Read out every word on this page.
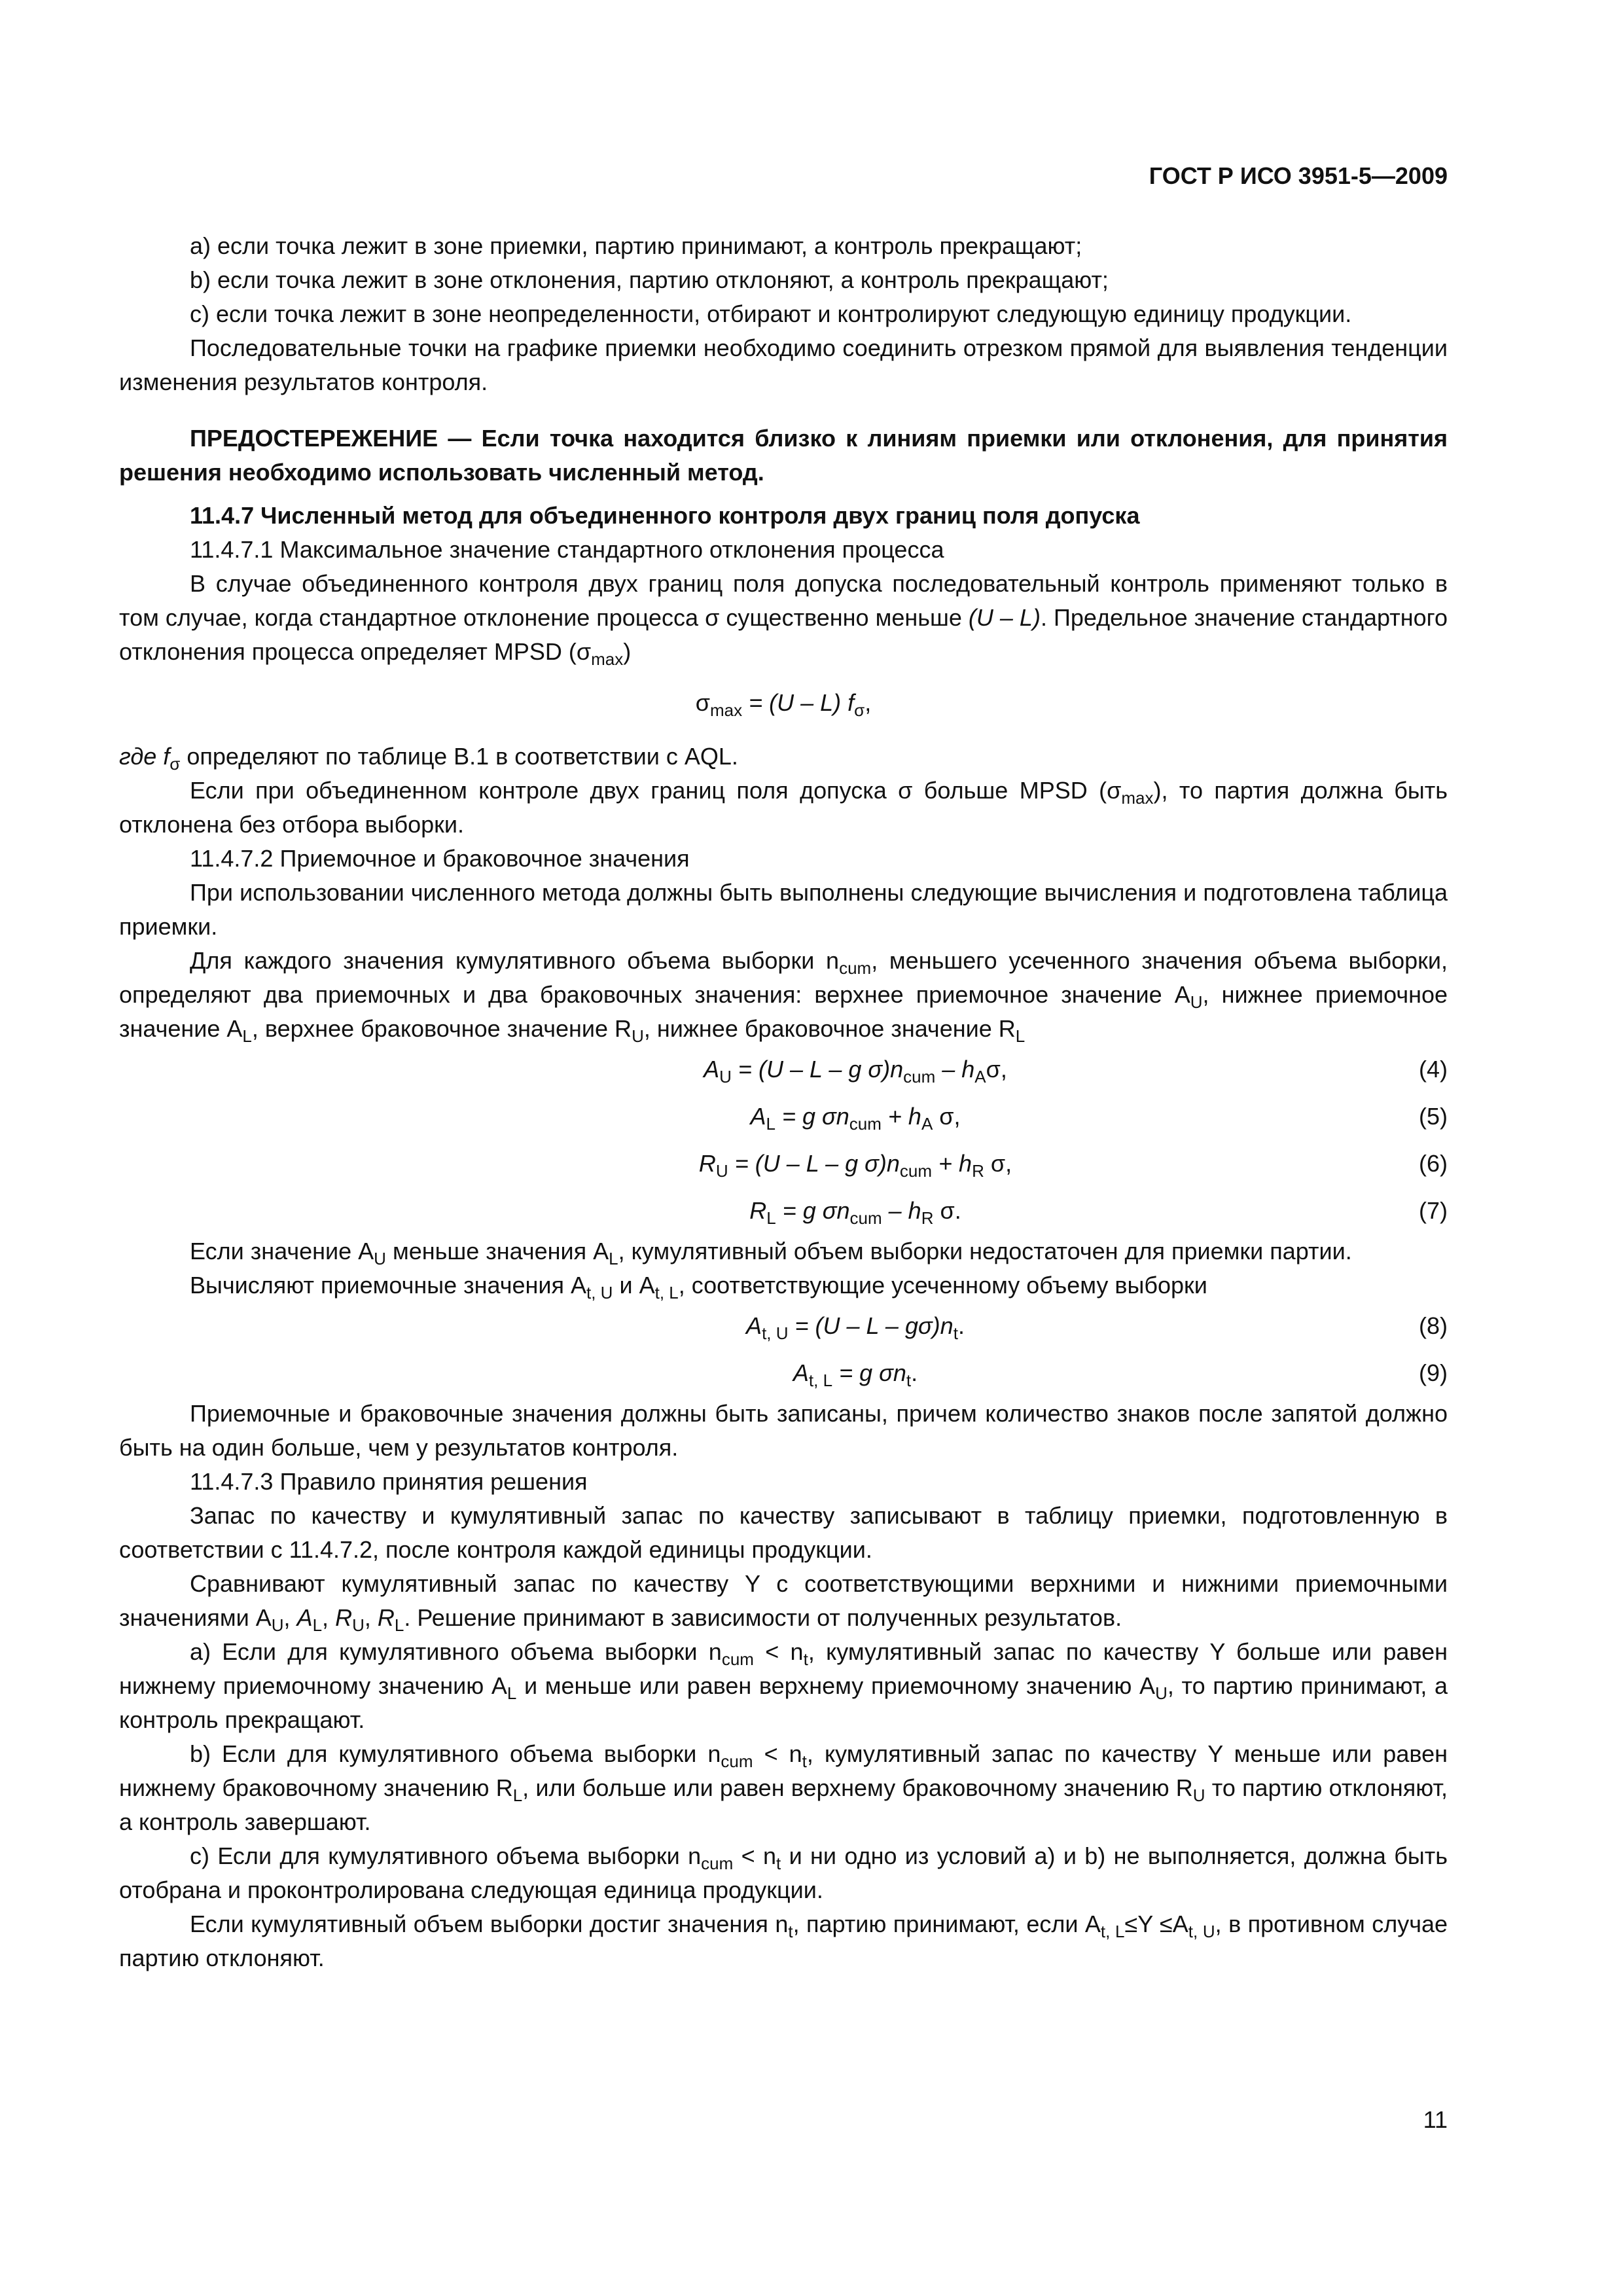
ГОСТ Р ИСО 3951-5—2009

а) если точка лежит в зоне приемки, партию принимают, а контроль прекращают;

b) если точка лежит в зоне отклонения, партию отклоняют, а контроль прекращают;

с) если точка лежит в зоне неопределенности, отбирают и контролируют следующую единицу продукции.

Последовательные точки на графике приемки необходимо соединить отрезком прямой для выявления тенденции изменения результатов контроля.

ПРЕДОСТЕРЕЖЕНИЕ — Если точка находится близко к линиям приемки или отклонения, для принятия решения необходимо использовать численный метод.

11.4.7 Численный метод для объединенного контроля двух границ поля допуска

11.4.7.1 Максимальное значение стандартного отклонения процесса

В случае объединенного контроля двух границ поля допуска последовательный контроль применяют только в том случае, когда стандартное отклонение процесса σ существенно меньше (U – L). Предельное значение стандартного отклонения процесса определяет MPSD $(\sigma_{max})$

$\sigma_{max} = (U - L)$ $f_\sigma$,

где $f_\sigma$ определяют по таблице В.1 в соответствии с AQL.

Если при объединенном контроле двух границ поля допуска σ больше MPSD $(\sigma_{max})$, то партия должна быть отклонена без отбора выборки.

11.4.7.2 Приемочное и браковочное значения

При использовании численного метода должны быть выполнены следующие вычисления и подготовлена таблица приемки.

Для каждого значения кумулятивного объема выборки $n_{cum}$, меньшего усеченного значения объема выборки, определяют два приемочных и два браковочных значения: верхнее приемочное значение $A_U$, нижнее приемочное значение $A_L$, верхнее браковочное значение $R_U$, нижнее браковочное значение $R_L$

$A_U = (U - L - g$ $\sigma)n_{cum} - h_A\sigma$,	(4)
$A_L = g$ $\sigma n_{cum} + h_A$ σ,	(5)
$R_U = (U - L - g$ $\sigma)n_{cum} + h_R$ σ,	(6)
$R_L = g$ $\sigma n_{cum} - h_R$ σ.	(7)

Если значение $A_U$ меньше значения $A_L$, кумулятивный объем выборки недостаточен для приемки партии.

Вычисляют приемочные значения $A_{t, U}$ и $A_{t, L}$, соответствующие усеченному объему выборки

$A_{t, U} = (U - L - g\sigma)n_t$.	(8)
$A_{t, L} = g$ $\sigma n_t$.	(9)

Приемочные и браковочные значения должны быть записаны, причем количество знаков после запятой должно быть на один больше, чем у результатов контроля.

11.4.7.3 Правило принятия решения

Запас по качеству и кумулятивный запас по качеству записывают в таблицу приемки, подготовленную в соответствии с 11.4.7.2, после контроля каждой единицы продукции.

Сравнивают кумулятивный запас по качеству Y с соответствующими верхними и нижними приемочными значениями $A_U$, $A_L$, $R_U$, $R_L$. Решение принимают в зависимости от полученных результатов.

а) Если для кумулятивного объема выборки $n_{cum} < n_t$, кумулятивный запас по качеству Y больше или равен нижнему приемочному значению $A_L$ и меньше или равен верхнему приемочному значению $A_U$, то партию принимают, а контроль прекращают.

b) Если для кумулятивного объема выборки $n_{cum} < n_t$, кумулятивный запас по качеству Y меньше или равен нижнему браковочному значению $R_L$, или больше или равен верхнему браковочному значению $R_U$ то партию отклоняют, а контроль завершают.

с) Если для кумулятивного объема выборки $n_{cum} < n_t$ и ни одно из условий а) и b) не выполняется, должна быть отобрана и проконтролирована следующая единица продукции.

Если кумулятивный объем выборки достиг значения $n_t$, партию принимают, если $A_{t, L}\le Y \le A_{t, U}$, в противном случае партию отклоняют.

11
